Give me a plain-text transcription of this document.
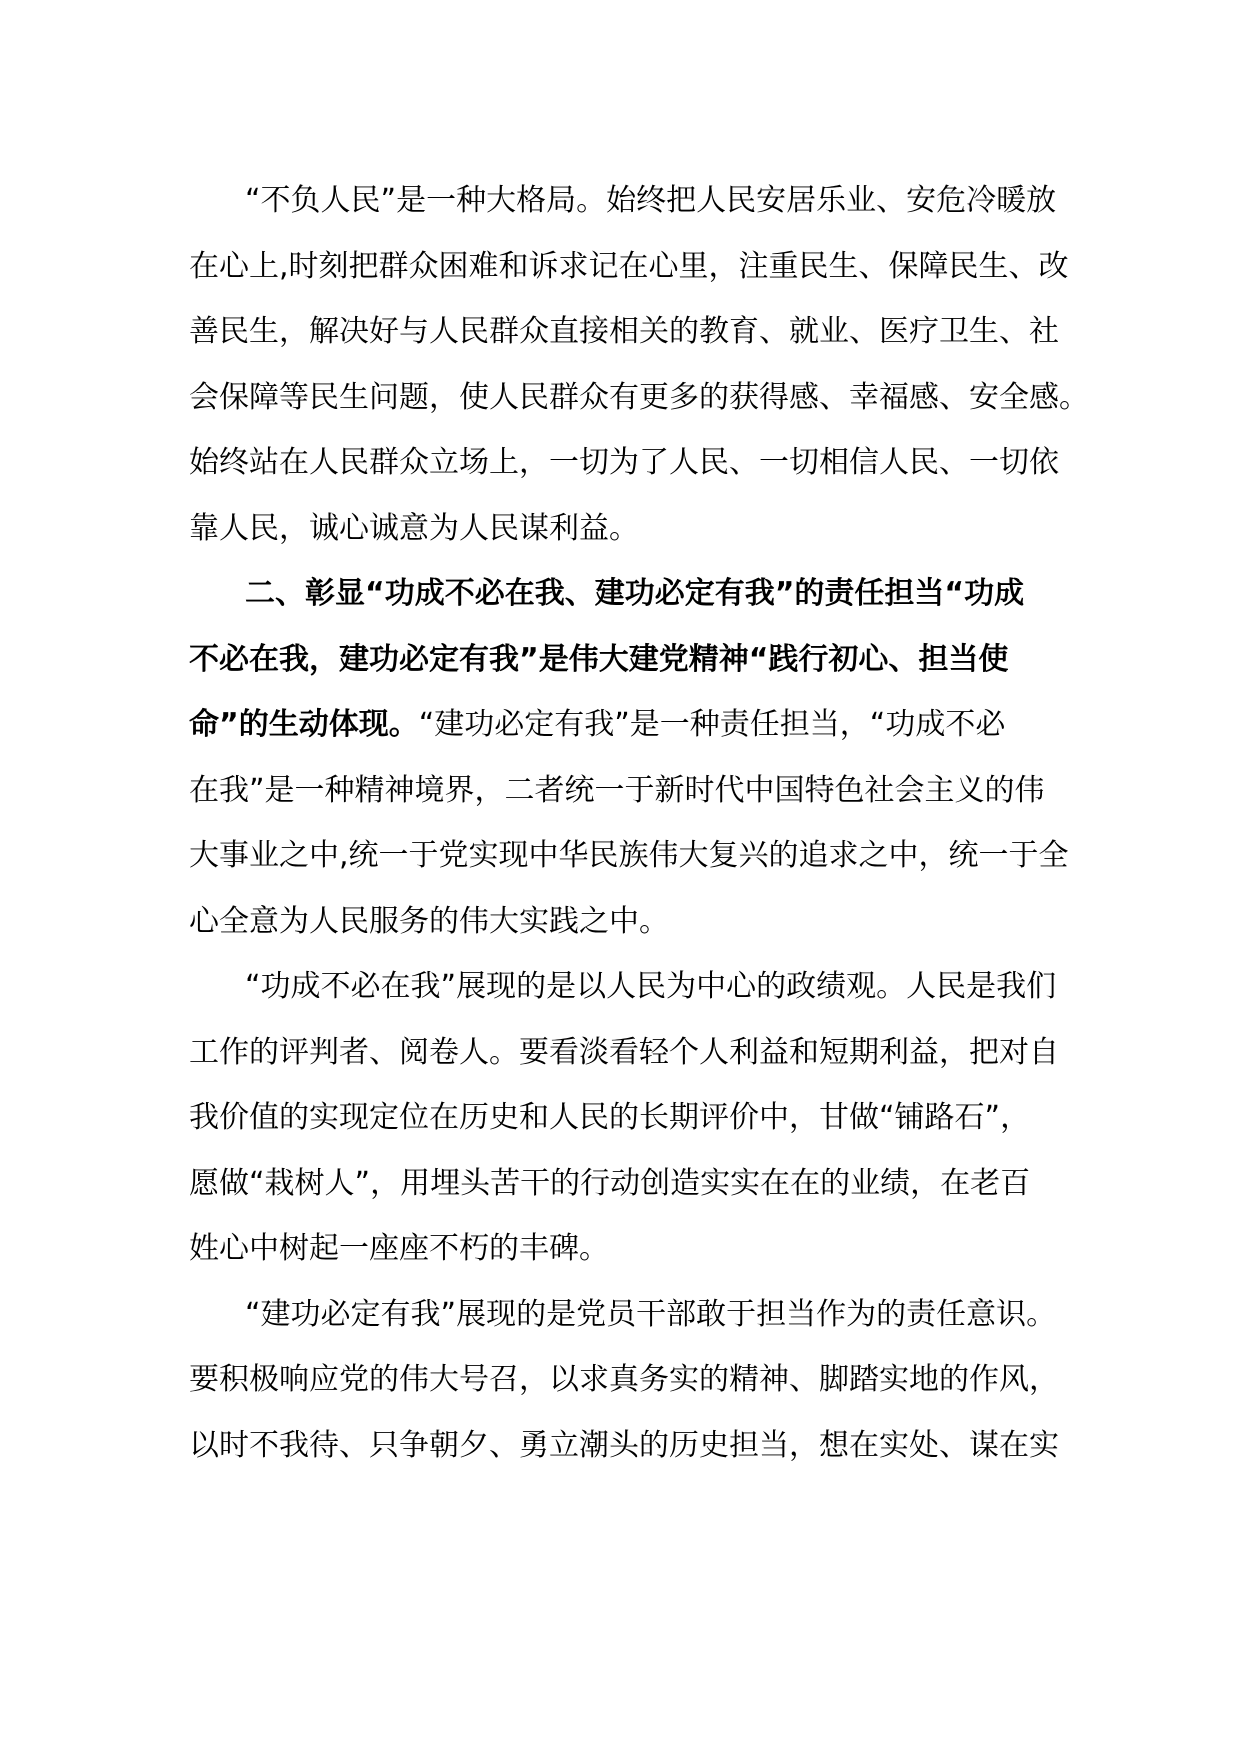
“不负人民”是一种大格局。始终把人民安居乐业、安危冷暖放
在心上,时刻把群众困难和诉求记在心里，注重民生、保障民生、改
善民生，解决好与人民群众直接相关的教育、就业、医疗卫生、社
会保障等民生问题，使人民群众有更多的获得感、幸福感、安全感。
始终站在人民群众立场上，一切为了人民、一切相信人民、一切依
靠人民，诚心诚意为人民谋利益。
二、彰显“功成不必在我、建功必定有我”的责任担当“功成
不必在我，建功必定有我”是伟大建党精神“践行初心、担当使
命”的生动体现。“建功必定有我”是一种责任担当，“功成不必
在我”是一种精神境界，二者统一于新时代中国特色社会主义的伟
大事业之中,统一于党实现中华民族伟大复兴的追求之中，统一于全
心全意为人民服务的伟大实践之中。
“功成不必在我”展现的是以人民为中心的政绩观。人民是我们
工作的评判者、阅卷人。要看淡看轻个人利益和短期利益，把对自
我价值的实现定位在历史和人民的长期评价中，甘做“铺路石”，
愿做“栽树人”，用埋头苦干的行动创造实实在在的业绩，在老百
姓心中树起一座座不朽的丰碑。
“建功必定有我”展现的是党员干部敢于担当作为的责任意识。
要积极响应党的伟大号召，以求真务实的精神、脚踏实地的作风，
以时不我待、只争朝夕、勇立潮头的历史担当，想在实处、谋在实
